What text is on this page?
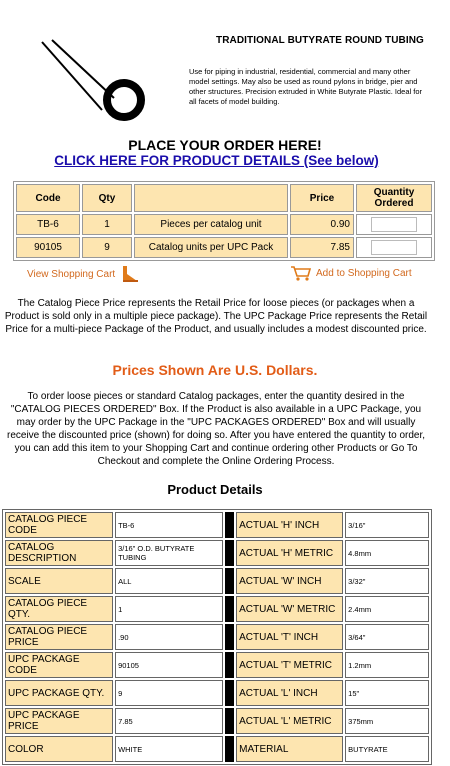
TRADITIONAL BUTYRATE ROUND TUBING
Use for piping in industrial, residential, commercial and many other model settings. May also be used as round pylons in bridge, pier and other structures. Precision extruded in White Butyrate Plastic. Ideal for all facets of model building.
PLACE YOUR ORDER HERE!
CLICK HERE FOR PRODUCT DETAILS (See below)
Code	Qty		Price	Quantity Ordered
TB-6	1	Pieces per catalog unit	0.90	
90105	9	Catalog units per UPC Pack	7.85	
View Shopping Cart	Add to Shopping Cart
The Catalog Piece Price represents the Retail Price for loose pieces (or packages when a Product is sold only in a multiple piece package). The UPC Package Price represents the Retail Price for a multi-piece Package of the Product, and usually includes a modest discounted price.
Prices Shown Are U.S. Dollars.
To order loose pieces or standard Catalog packages, enter the quantity desired in the "CATALOG PIECES ORDERED" Box. If the Product is also available in a UPC Package, you may order by the UPC Package in the "UPC PACKAGES ORDERED" Box and will usually receive the discounted price (shown) for doing so. After you have entered the quantity to order, you can add this item to your Shopping Cart and continue ordering other Products or Go To Checkout and complete the Online Ordering Process.
Product Details
CATALOG PIECE CODE	TB-6		ACTUAL 'H' INCH	3/16"
CATALOG DESCRIPTION	3/16" O.D. BUTYRATE TUBING		ACTUAL 'H' METRIC	4.8mm
SCALE	ALL		ACTUAL 'W' INCH	3/32"
CATALOG PIECE QTY.	1		ACTUAL 'W' METRIC	2.4mm
CATALOG PIECE PRICE	.90		ACTUAL 'T' INCH	3/64"
UPC PACKAGE CODE	90105		ACTUAL 'T' METRIC	1.2mm
UPC PACKAGE QTY.	9		ACTUAL 'L' INCH	15"
UPC PACKAGE PRICE	7.85		ACTUAL 'L' METRIC	375mm
COLOR	WHITE		MATERIAL	BUTYRATE
